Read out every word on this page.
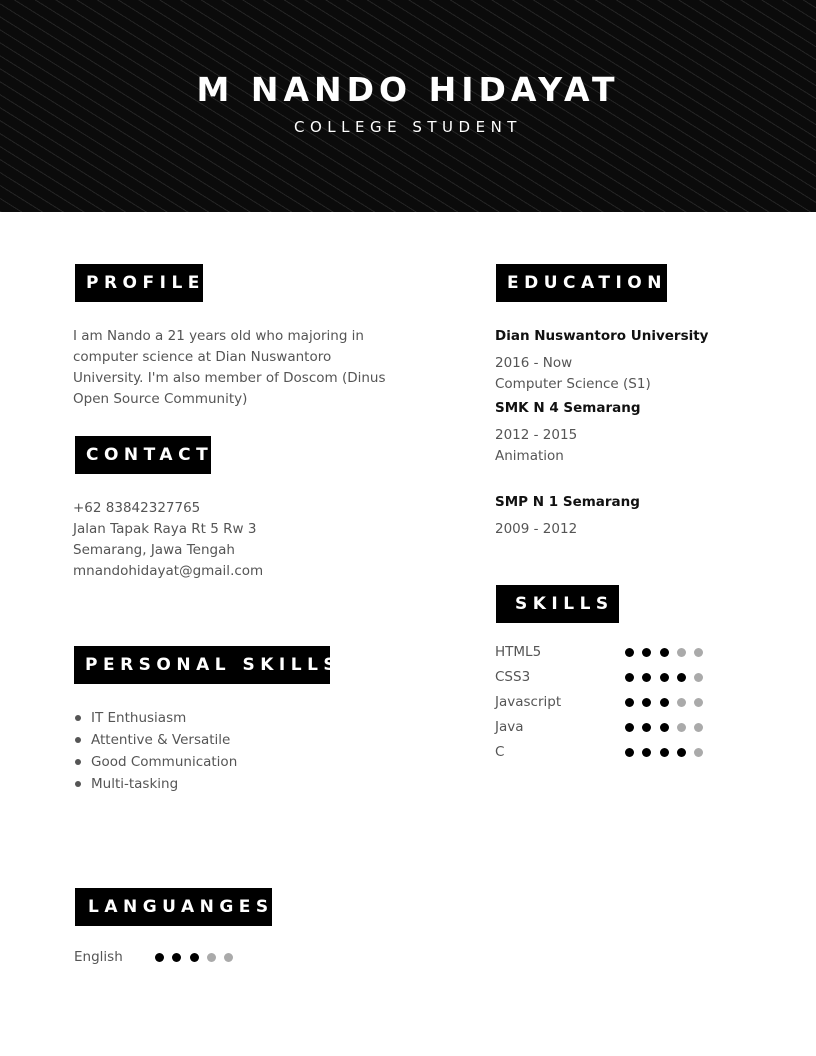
M NANDO HIDAYAT
COLLEGE STUDENT
PROFILE
I am Nando a 21 years old who majoring in computer science at Dian Nuswantoro University. I'm also member of Doscom (Dinus Open Source Community)
CONTACT
+62 83842327765
Jalan Tapak Raya Rt 5 Rw 3
Semarang, Jawa Tengah
mnandohidayat@gmail.com
PERSONAL SKILLS
IT Enthusiasm
Attentive & Versatile
Good Communication
Multi-tasking
LANGUANGES
English
EDUCATION
Dian Nuswantoro University
2016 - Now
Computer Science (S1)
SMK N 4 Semarang
2012 - 2015
Animation
SMP N 1 Semarang
2009 - 2012
SKILLS
HTML5
CSS3
Javascript
Java
C
